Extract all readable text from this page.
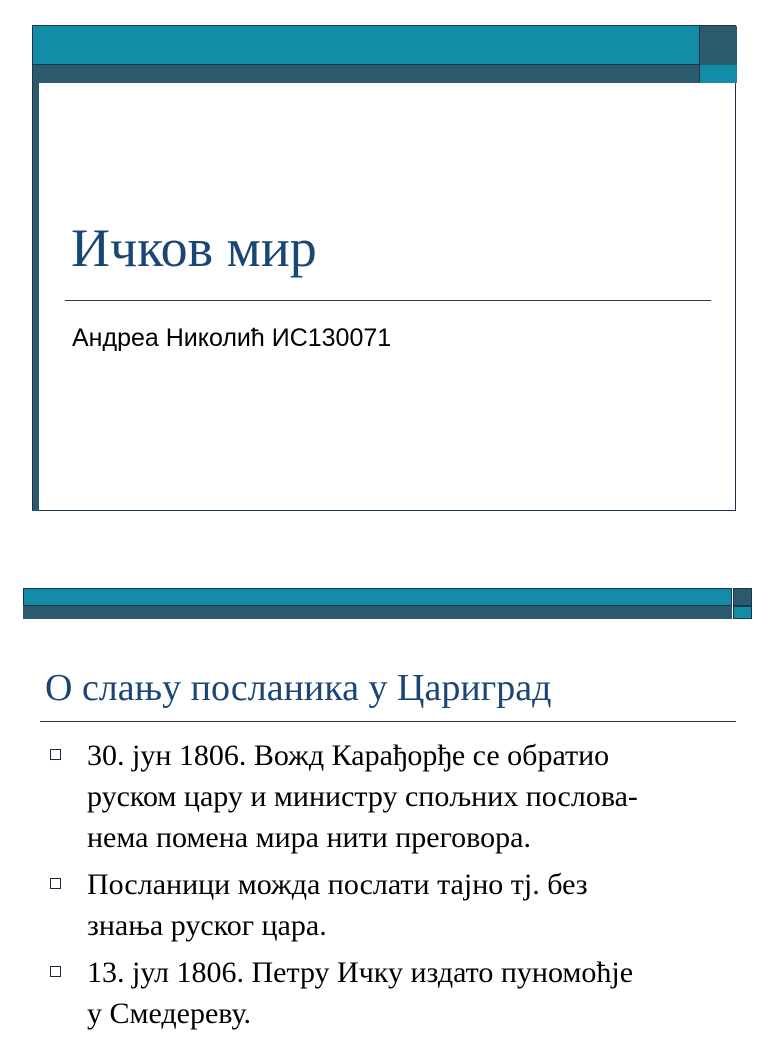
Ичков мир
Андреа Николић ИС130071
О слању посланика у Цариград
30. јун 1806. Вожд Карађорђе се обратио
руском цару и министру спољних послова-
нема помена мира нити преговора.
Посланици можда послати тајно тј. без
знања руског цара.
13. јул 1806. Петру Ичку издато пуномоћје
у Смедереву.
